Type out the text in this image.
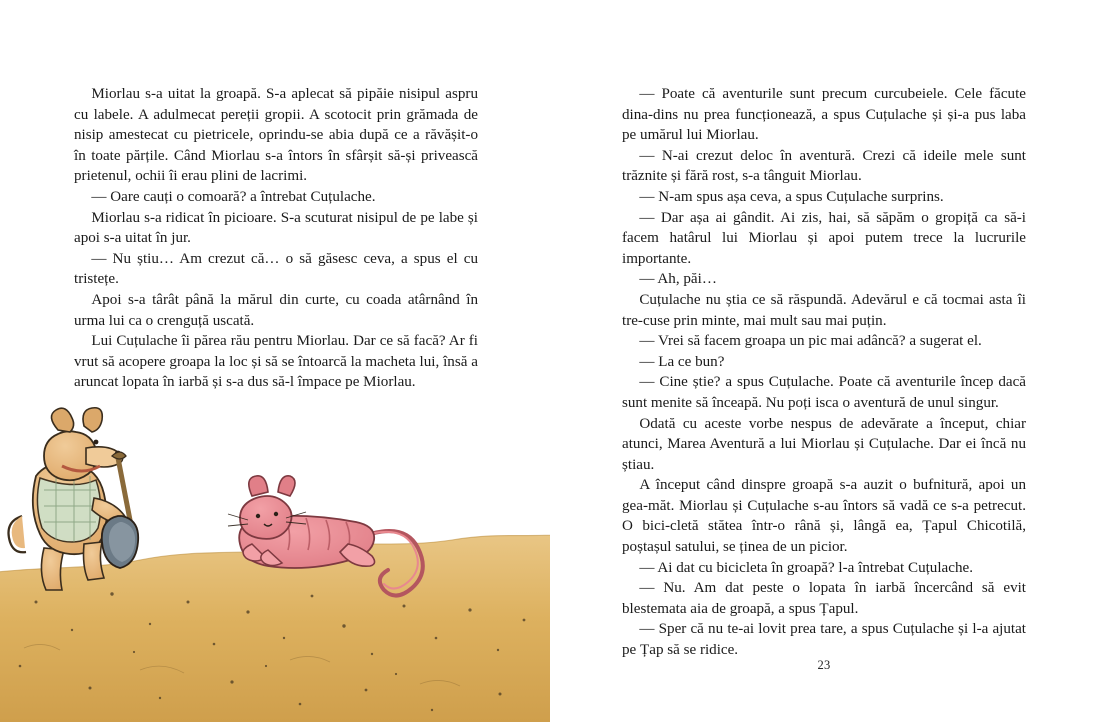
Miorlau s-a uitat la groapă. S-a aplecat să pipăie nisipul aspru cu labele. A adulmecat pereții gropii. A scotocit prin grămada de nisip amestecat cu pietricele, oprindu-se abia după ce a răvășit-o în toate părțile. Când Miorlau s-a întors în sfârșit să-și privească prietenul, ochii îi erau plini de lacrimi.

— Oare cauți o comoară? a întrebat Cuțulache.

Miorlau s-a ridicat în picioare. S-a scuturat nisipul de pe labe și apoi s-a uitat în jur.

— Nu știu… Am crezut că… o să găsesc ceva, a spus el cu tristețe.

Apoi s-a târât până la mărul din curte, cu coada atârnând în urma lui ca o crenguță uscată.

Lui Cuțulache îi părea rău pentru Miorlau. Dar ce să facă? Ar fi vrut să acopere groapa la loc și să se întoarcă la macheta lui, însă a aruncat lopata în iarbă și s-a dus să-l împace pe Miorlau.

— Poate că aventurile sunt precum curcubeiele. Cele făcute dina-dins nu prea funcționează, a spus Cuțulache și și-a pus laba pe umărul lui Miorlau.

— N-ai crezut deloc în aventură. Crezi că ideile mele sunt trăznite și fără rost, s-a tânguit Miorlau.

— N-am spus așa ceva, a spus Cuțulache surprins.

— Dar așa ai gândit. Ai zis, hai, să săpăm o gropiță ca să-i facem hatârul lui Miorlau și apoi putem trece la lucrurile importante.

— Ah, păi…

Cuțulache nu știa ce să răspundă. Adevărul e că tocmai asta îi tre-cuse prin minte, mai mult sau mai puțin.

— Vrei să facem groapa un pic mai adâncă? a sugerat el.

— La ce bun?

— Cine știe? a spus Cuțulache. Poate că aventurile încep dacă sunt menite să înceapă. Nu poți isca o aventură de unul singur.

Odată cu aceste vorbe nespus de adevărate a început, chiar atunci, Marea Aventură a lui Miorlau și Cuțulache. Dar ei încă nu știau.

A început când dinspre groapă s-a auzit o bufnitură, apoi un gea-măt. Miorlau și Cuțulache s-au întors să vadă ce s-a petrecut. O bici-cletă stătea într-o rână și, lângă ea, Țapul Chicotilă, poștașul satului, se ținea de un picior.

— Ai dat cu bicicleta în groapă? l-a întrebat Cuțulache.

— Nu. Am dat peste o lopata în iarbă încercând să evit blestemata aia de groapă, a spus Țapul.

— Sper că nu te-ai lovit prea tare, a spus Cuțulache și l-a ajutat pe Țap să se ridice.

23
